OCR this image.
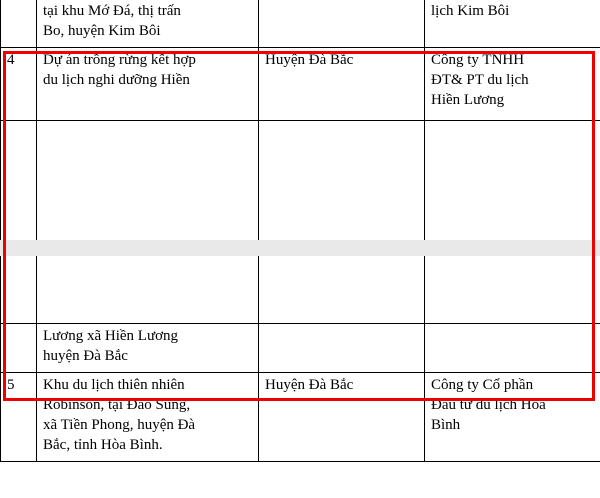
	tại khu Mớ Đá, thị trấn
Bo, huyện Kim Bôi		lịch Kim Bôi

4	Dự án trồng rừng kết hợp
du lịch nghi dưỡng Hiền	Huyện Đà Bắc	Công ty TNHH
ĐT& PT du lịch
Hiền Lương

	Lương xã Hiền Lương
huyện Đà Bắc		

5	Khu du lịch thiên nhiên
Robinson, tại Đảo Sung,
xã Tiền Phong, huyện Đà
Bắc, tỉnh Hòa Bình.	Huyện Đà Bắc	Công ty Cổ phần
Đầu tư du lịch Hòa
Bình
